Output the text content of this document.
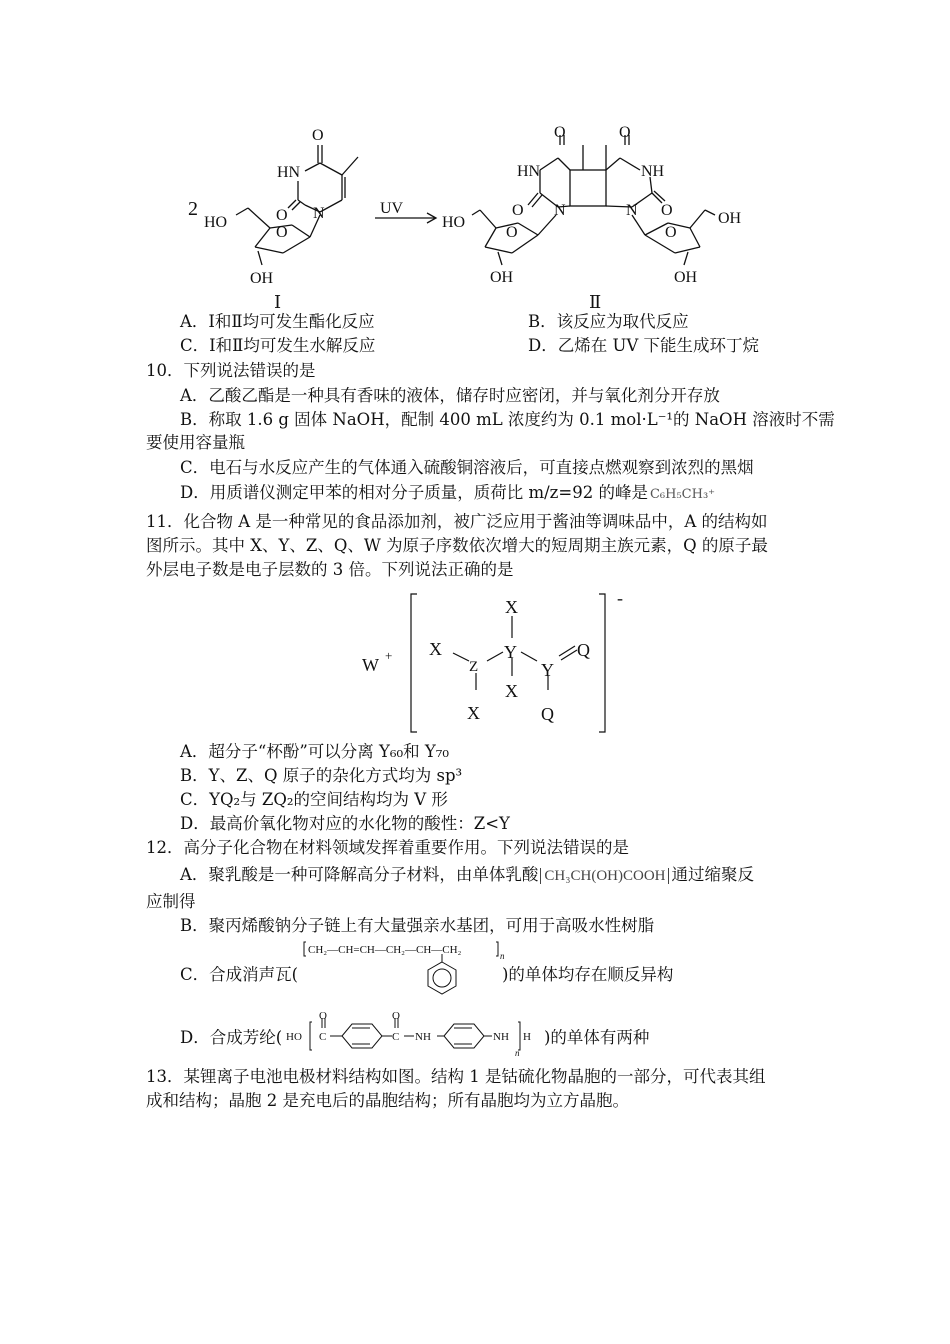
2
O
HN
O N
HO
O
OH
UV
O	O
HN	NH
O	O
N	N
HO
O	O
OH
OH	OH
Ⅰ	Ⅱ
A．Ⅰ和Ⅱ均可发生酯化反应	B．该反应为取代反应
C．Ⅰ和Ⅱ均可发生水解反应	D．乙烯在 UV 下能生成环丁烷
10．下列说法错误的是
A．乙酸乙酯是一种具有香味的液体，储存时应密闭，并与氧化剂分开存放
B．称取 1.6 g 固体 NaOH，配制 400 mL 浓度约为 0.1 mol·L⁻¹的 NaOH 溶液时不需
要使用容量瓶
C．电石与水反应产生的气体通入硫酸铜溶液后，可直接点燃观察到浓烈的黑烟
D．用质谱仪测定甲苯的相对分子质量，质荷比 m/z=92 的峰是 C₆H₅CH₃⁺
11．化合物 A 是一种常见的食品添加剂，被广泛应用于酱油等调味品中，A 的结构如
图所示。其中 X、Y、Z、Q、W 为原子序数依次增大的短周期主族元素，Q 的原子最
外层电子数是电子层数的 3 倍。下列说法正确的是
W +
-
X
X	Y
Z
X
Y
Q
X	Q
A．超分子“杯酚”可以分离 Y₆₀和 Y₇₀
B．Y、Z、Q 原子的杂化方式均为 sp³
C．YQ₂与 ZQ₂的空间结构均为 V 形
D．最高价氧化物对应的水化物的酸性：Z<Y
12．高分子化合物在材料领域发挥着重要作用。下列说法错误的是
A．聚乳酸是一种可降解高分子材料，由单体乳酸 CH₃CH(OH)COOH 通过缩聚反
应制得
B．聚丙烯酸钠分子链上有大量强亲水基团，可用于高吸水性树脂
C．合成消声瓦(
CH₂—CH=CH—CH₂—CH—CH₂	n
)的单体均存在顺反异构
D．合成芳纶( HO C
O
C
O
NH	NH H
n
)的单体有两种
13．某锂离子电池电极材料结构如图。结构 1 是钴硫化物晶胞的一部分，可代表其组
成和结构；晶胞 2 是充电后的晶胞结构；所有晶胞均为立方晶胞。
